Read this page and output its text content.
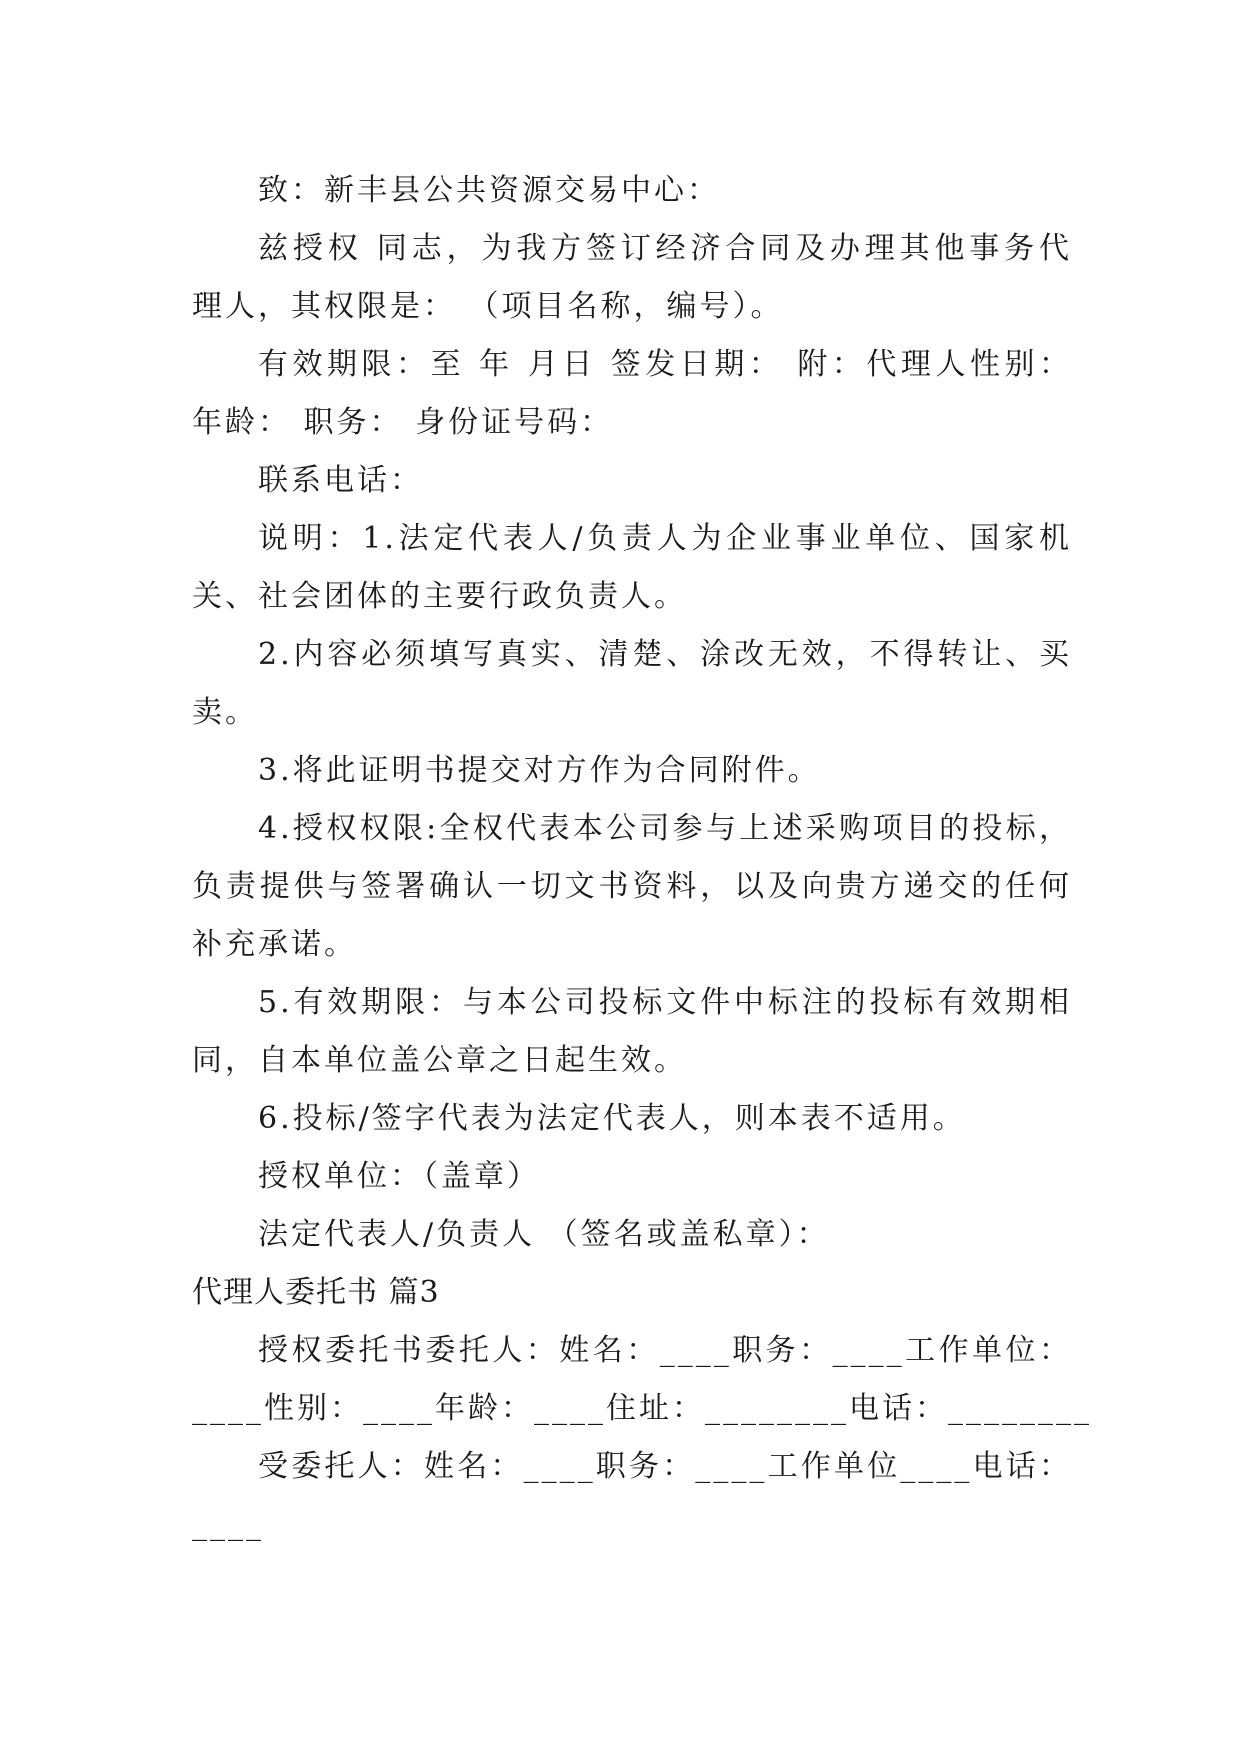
致：新丰县公共资源交易中心：

兹授权 同志，为我方签订经济合同及办理其他事务代

理人，其权限是： （项目名称，编号）。

有效期限：至 年 月日 签发日期： 附：代理人性别：

年龄： 职务： 身份证号码：

联系电话：

说明：1.法定代表人/负责人为企业事业单位、国家机

关、社会团体的主要行政负责人。

2.内容必须填写真实、清楚、涂改无效，不得转让、买

卖。

3.将此证明书提交对方作为合同附件。

4.授权权限:全权代表本公司参与上述采购项目的投标，

负责提供与签署确认一切文书资料，以及向贵方递交的任何

补充承诺。

5.有效期限：与本公司投标文件中标注的投标有效期相

同，自本单位盖公章之日起生效。

6.投标/签字代表为法定代表人，则本表不适用。

授权单位：（盖章）

法定代表人/负责人 （签名或盖私章）：

代理人委托书 篇3

授权委托书委托人：姓名：____职务：____工作单位：

____性别：____年龄：____住址：________电话：________

受委托人：姓名：____职务：____工作单位____电话：

____
